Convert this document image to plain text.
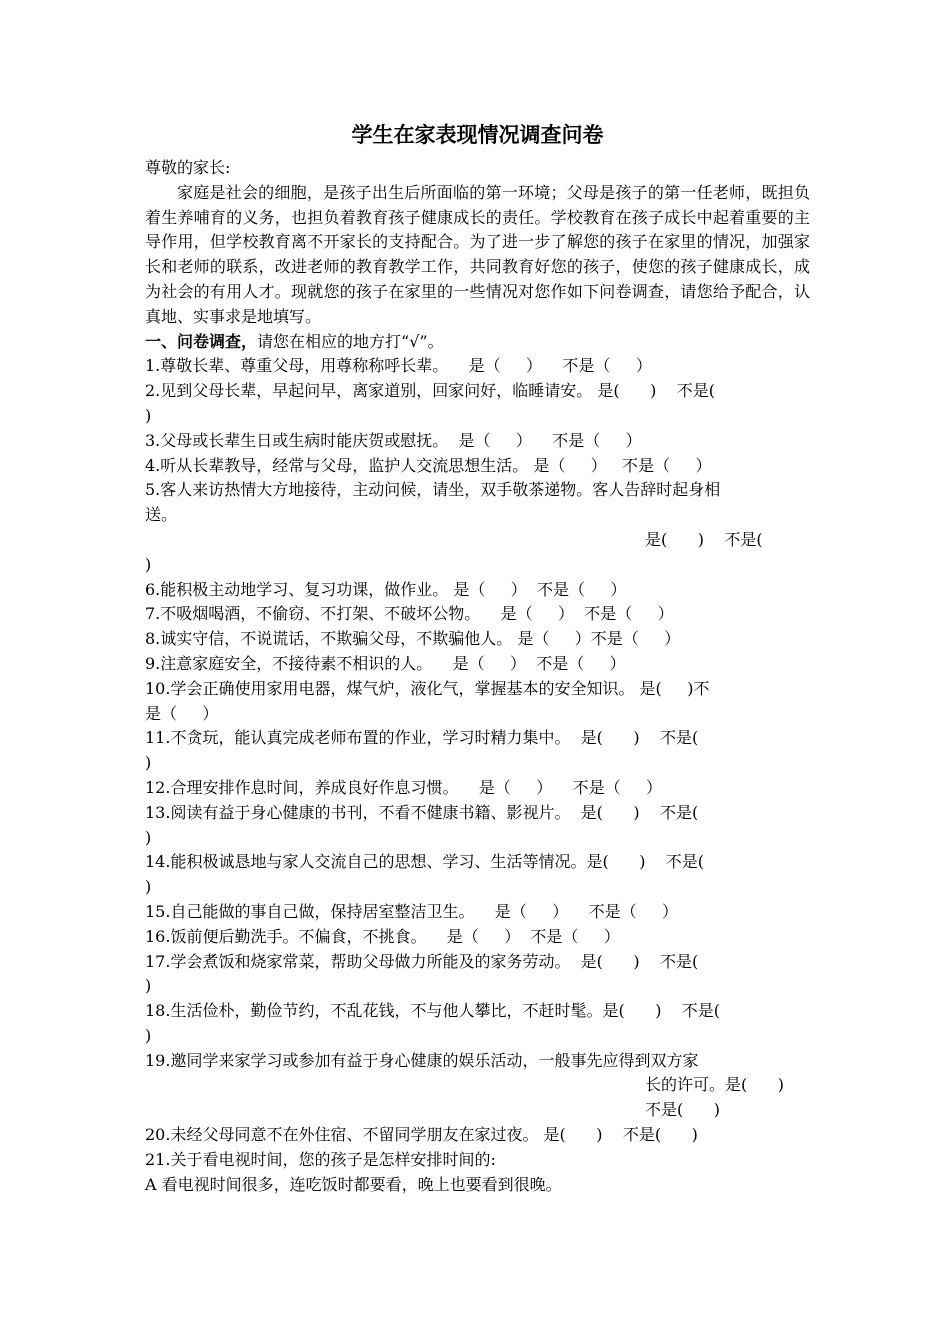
学生在家表现情况调查问卷
尊敬的家长:
家庭是社会的细胞，是孩子出生后所面临的第一环境；父母是孩子的第一任老师，既担负着生养哺育的义务，也担负着教育孩子健康成长的责任。学校教育在孩子成长中起着重要的主导作用，但学校教育离不开家长的支持配合。为了进一步了解您的孩子在家里的情况，加强家长和老师的联系，改进老师的教育教学工作，共同教育好您的孩子，使您的孩子健康成长，成为社会的有用人才。现就您的孩子在家里的一些情况对您作如下问卷调查，请您给予配合，认真地、实事求是地填写。
一、问卷调查，请您在相应的地方打“√”。
1.尊敬长辈、尊重父母，用尊称称呼长辈。    是（     ）    不是（     ）
2.见到父母长辈，早起问早，离家道别，回家问好，临睡请安。 是(      )    不是(
)
3.父母或长辈生日或生病时能庆贺或慰抚。  是（     ）    不是（     ）
4.听从长辈教导，经常与父母，监护人交流思想生活。 是（     ）   不是（     ）
5.客人来访热情大方地接待，主动问候，请坐，双手敬茶递物。客人告辞时起身相
送。
是(      )    不是(
)
6.能积极主动地学习、复习功课，做作业。 是（     ）  不是（     ）
7.不吸烟喝酒，不偷窃、不打架、不破坏公物。    是（     ）  不是（     ）
8.诚实守信，不说谎话，不欺骗父母，不欺骗他人。 是（     ）不是（     ）
9.注意家庭安全，不接待素不相识的人。    是（     ）  不是（     ）
10.学会正确使用家用电器，煤气炉，液化气，掌握基本的安全知识。 是(     )不
是（     ）
11.不贪玩，能认真完成老师布置的作业，学习时精力集中。  是(      )    不是(
)
12.合理安排作息时间，养成良好作息习惯。    是（     ）    不是（     ）
13.阅读有益于身心健康的书刊，不看不健康书籍、影视片。  是(      )    不是(
)
14.能积极诚恳地与家人交流自己的思想、学习、生活等情况。是(      )    不是(
)
15.自己能做的事自己做，保持居室整洁卫生。    是（     ）    不是（     ）
16.饭前便后勤洗手。不偏食，不挑食。    是（     ）  不是（     ）
17.学会煮饭和烧家常菜，帮助父母做力所能及的家务劳动。  是(      )    不是(
)
18.生活俭朴，勤俭节约，不乱花钱，不与他人攀比，不赶时髦。是(      )    不是(
)
19.邀同学来家学习或参加有益于身心健康的娱乐活动，一般事先应得到双方家
长的许可。是(      )
不是(      )
20.未经父母同意不在外住宿、不留同学朋友在家过夜。 是(      )    不是(      )
21.关于看电视时间，您的孩子是怎样安排时间的:
A 看电视时间很多，连吃饭时都要看，晚上也要看到很晚。
